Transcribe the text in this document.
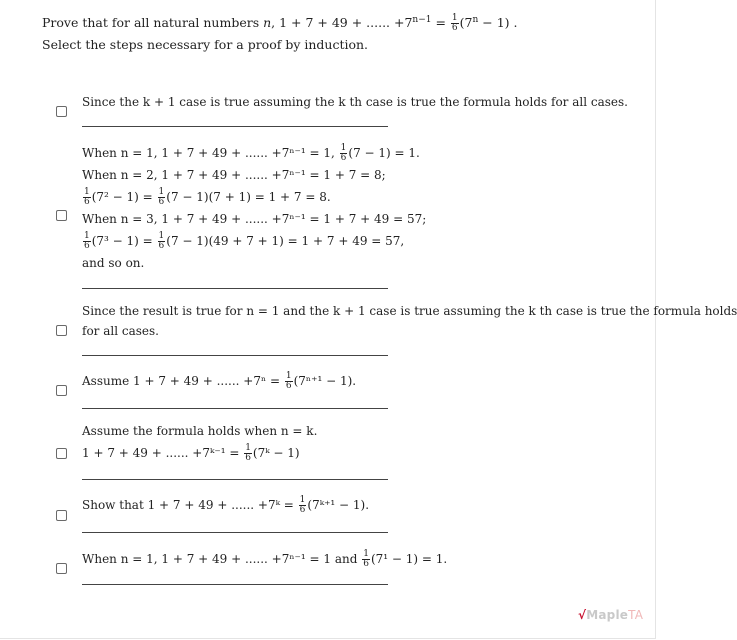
Prove that for all natural numbers n, 1 + 7 + 49 + ...... $+7^{n-1} = \frac{1}{6} (7^n - 1)$ .
Select the steps necessary for a proof by induction.
Since the k + 1 case is true assuming the k th case is true the formula holds for all cases.
When n = 1, 1 + 7 + 49 + ...... +7ⁿ⁻¹ = 1, $\frac{1}{6} (7 - 1) = 1$.
When n = 2, 1 + 7 + 49 + ...... +7ⁿ⁻¹ = 1 + 7 = 8;
$\frac{1}{6} (7^2 - 1) = \frac{1}{6} (7 - 1)(7 + 1) = 1 + 7 = 8$.
When n = 3, 1 + 7 + 49 + ...... +7ⁿ⁻¹ = 1 + 7 + 49 = 57;
$\frac{1}{6} (7^3 - 1) = \frac{1}{6} (7 - 1)(49 + 7 + 1) = 1 + 7 + 49 = 57$,
and so on.
Since the result is true for n = 1 and the k + 1 case is true assuming the k th case is true the formula holds
for all cases.
Assume 1 + 7 + 49 + ...... $+7^n = \frac{1}{6} (7^{n+1} - 1)$.
Assume the formula holds when n = k.
1 + 7 + 49 + ...... +7ᵏ⁻¹ = $\frac{1}{6}$ (7ᵏ − 1)
Show that 1 + 7 + 49 + ...... +7ᵏ = $\frac{1}{6}$ (7ᵏ⁺¹ − 1).
When n = 1, 1 + 7 + 49 + ...... +7ⁿ⁻¹ = 1 and $\frac{1}{6} (7^1 - 1) = 1$.
√MapleTA
